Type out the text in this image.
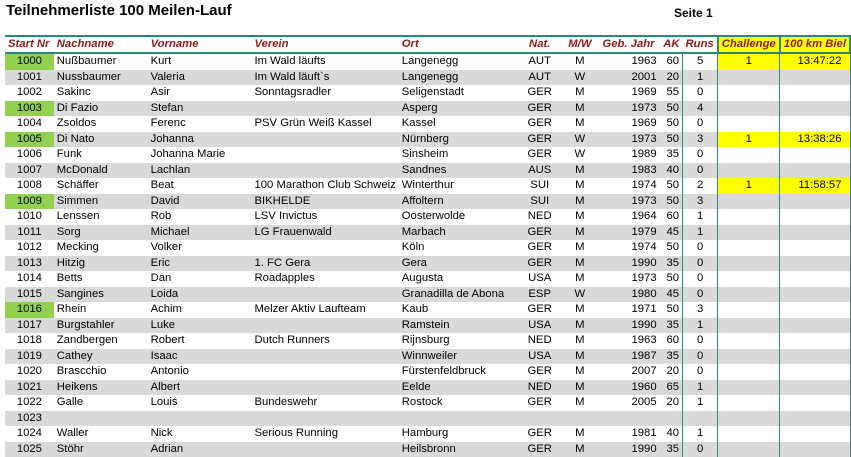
Teilnehmerliste 100 Meilen-Lauf	Seite 1
Start Nr	Nachname	Vorname	Verein	Ort	Nat.	M/W	Geb. Jahr	AK	Runs	Challenge	100 km Biel
1000	Nußbaumer	Kurt	Im Wald läufts	Langenegg	AUT	M	1963	60	5	1	13:47:22
1001	Nussbaumer	Valeria	Im Wald läuft`s	Langenegg	AUT	W	2001	20	1		
1002	Sakinc	Asir	Sonntagsradler	Seligenstadt	GER	M	1969	55	0		
1003	Di Fazio	Stefan		Asperg	GER	M	1973	50	4		
1004	Zsoldos	Ferenc	PSV Grün Weiß Kassel	Kassel	GER	M	1969	50	0		
1005	Di Nato	Johanna		Nürnberg	GER	W	1973	50	3	1	13:38:26
1006	Funk	Johanna Marie		Sinsheim	GER	W	1989	35	0		
1007	McDonald	Lachlan		Sandnes	AUS	M	1983	40	0		
1008	Schäffer	Beat	100 Marathon Club Schweiz	Winterthur	SUI	M	1974	50	2	1	11:58:57
1009	Simmen	David	BIKHELDE	Affoltern	SUI	M	1973	50	3		
1010	Lenssen	Rob	LSV Invictus	Oosterwolde	NED	M	1964	60	1		
1011	Sorg	Michael	LG Frauenwald	Marbach	GER	M	1979	45	1		
1012	Mecking	Volker		Köln	GER	M	1974	50	0		
1013	Hitzig	Eric	1. FC Gera	Gera	GER	M	1990	35	0		
1014	Betts	Dan	Roadapples	Augusta	USA	M	1973	50	0		
1015	Sangines	Loida		Granadilla de Abona	ESP	W	1980	45	0		
1016	Rhein	Achim	Melzer Aktiv Laufteam	Kaub	GER	M	1971	50	3		
1017	Burgstahler	Luke		Ramstein	USA	M	1990	35	1		
1018	Zandbergen	Robert	Dutch Runners	Rijnsburg	NED	M	1963	60	0		
1019	Cathey	Isaac		Winnweiler	USA	M	1987	35	0		
1020	Brascchio	Antonio		Fürstenfeldbruck	GER	M	2007	20	0		
1021	Heikens	Albert		Eelde	NED	M	1960	65	1		
1022	Galle	Louis	Bundeswehr	Rostock	GER	M	2005	20	1		
1023											
1024	Waller	Nick	Serious Running	Hamburg	GER	M	1981	40	1		
1025	Stöhr	Adrian		Heilsbronn	GER	M	1990	35	0		
